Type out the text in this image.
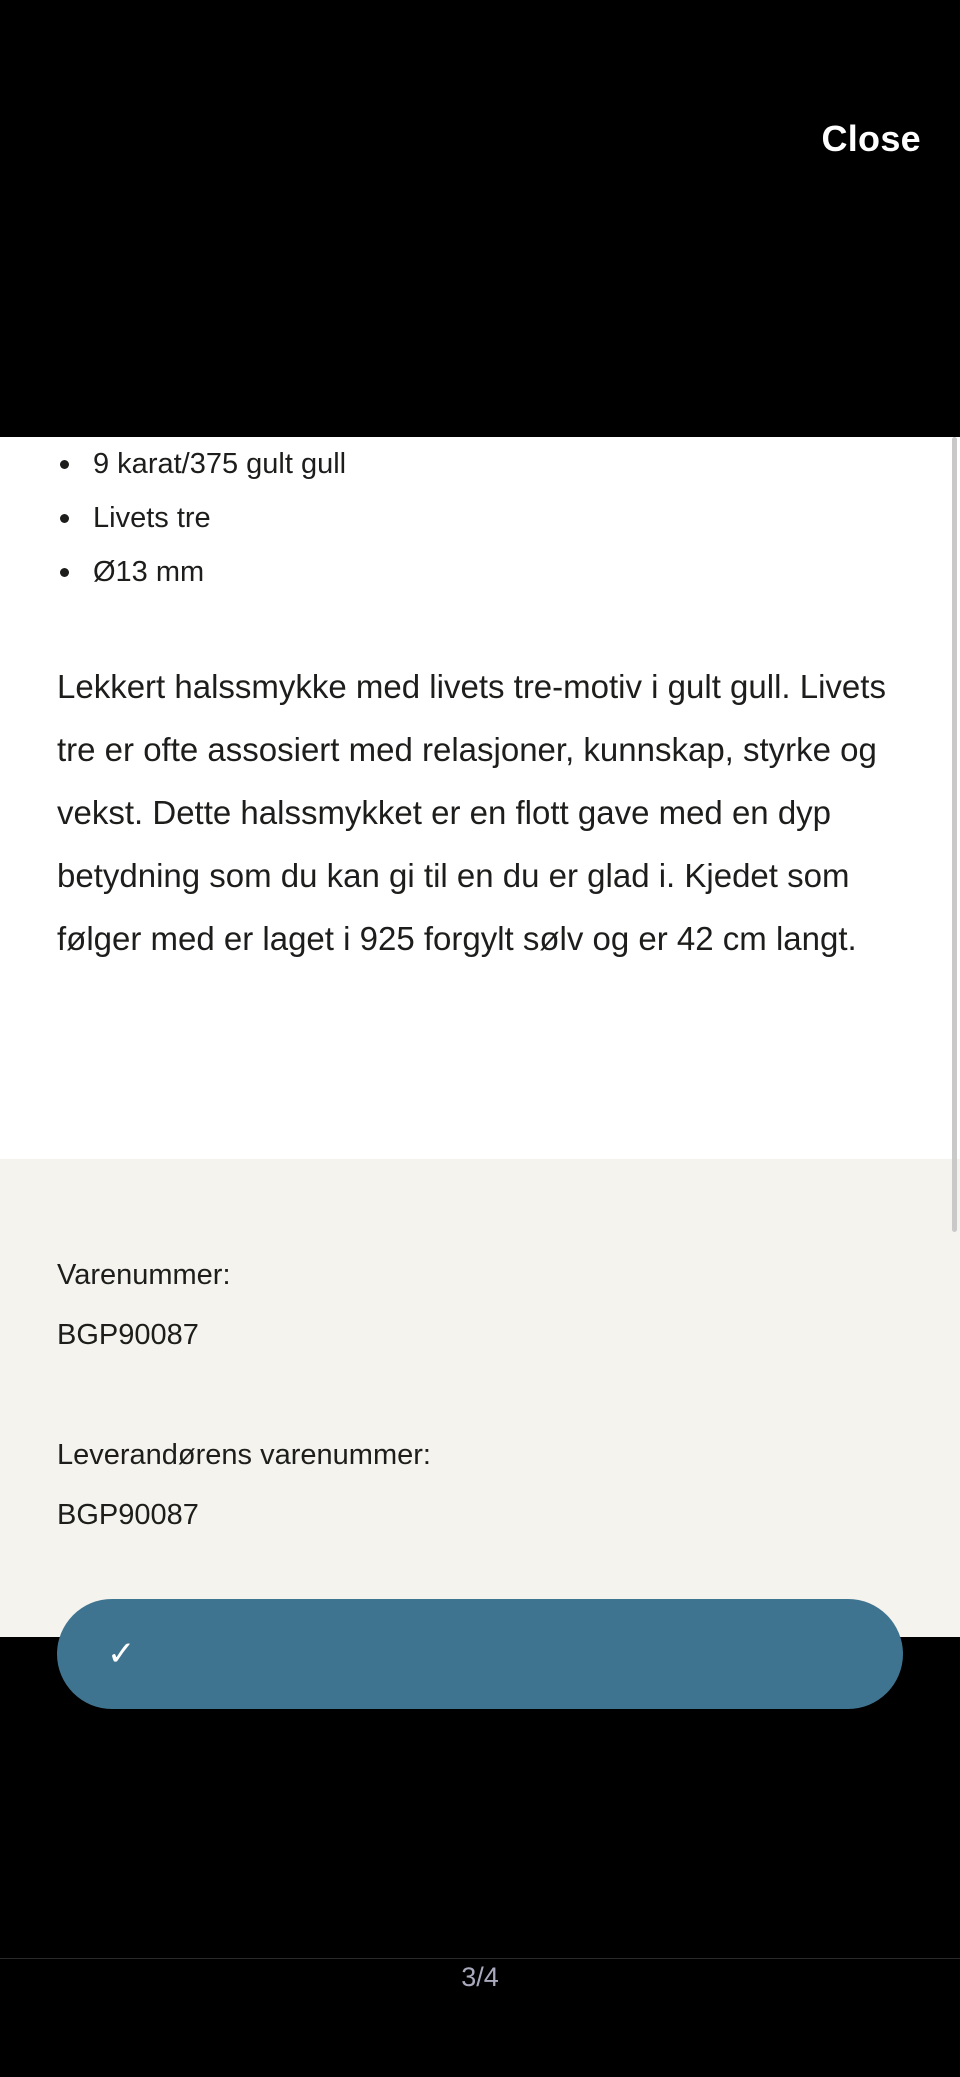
Close
9 karat/375 gult gull
Livets tre
Ø13 mm

Lekkert halssmykke med livets tre-motiv i gult gull. Livets tre er ofte assosiert med relasjoner, kunnskap, styrke og vekst. Dette halssmykket er en flott gave med en dyp betydning som du kan gi til en du er glad i. Kjedet som følger med er laget i 925 forgylt sølv og er 42 cm langt.

Varenummer:
BGP90087
Leverandørens varenummer:
BGP90087
✓
3/4
